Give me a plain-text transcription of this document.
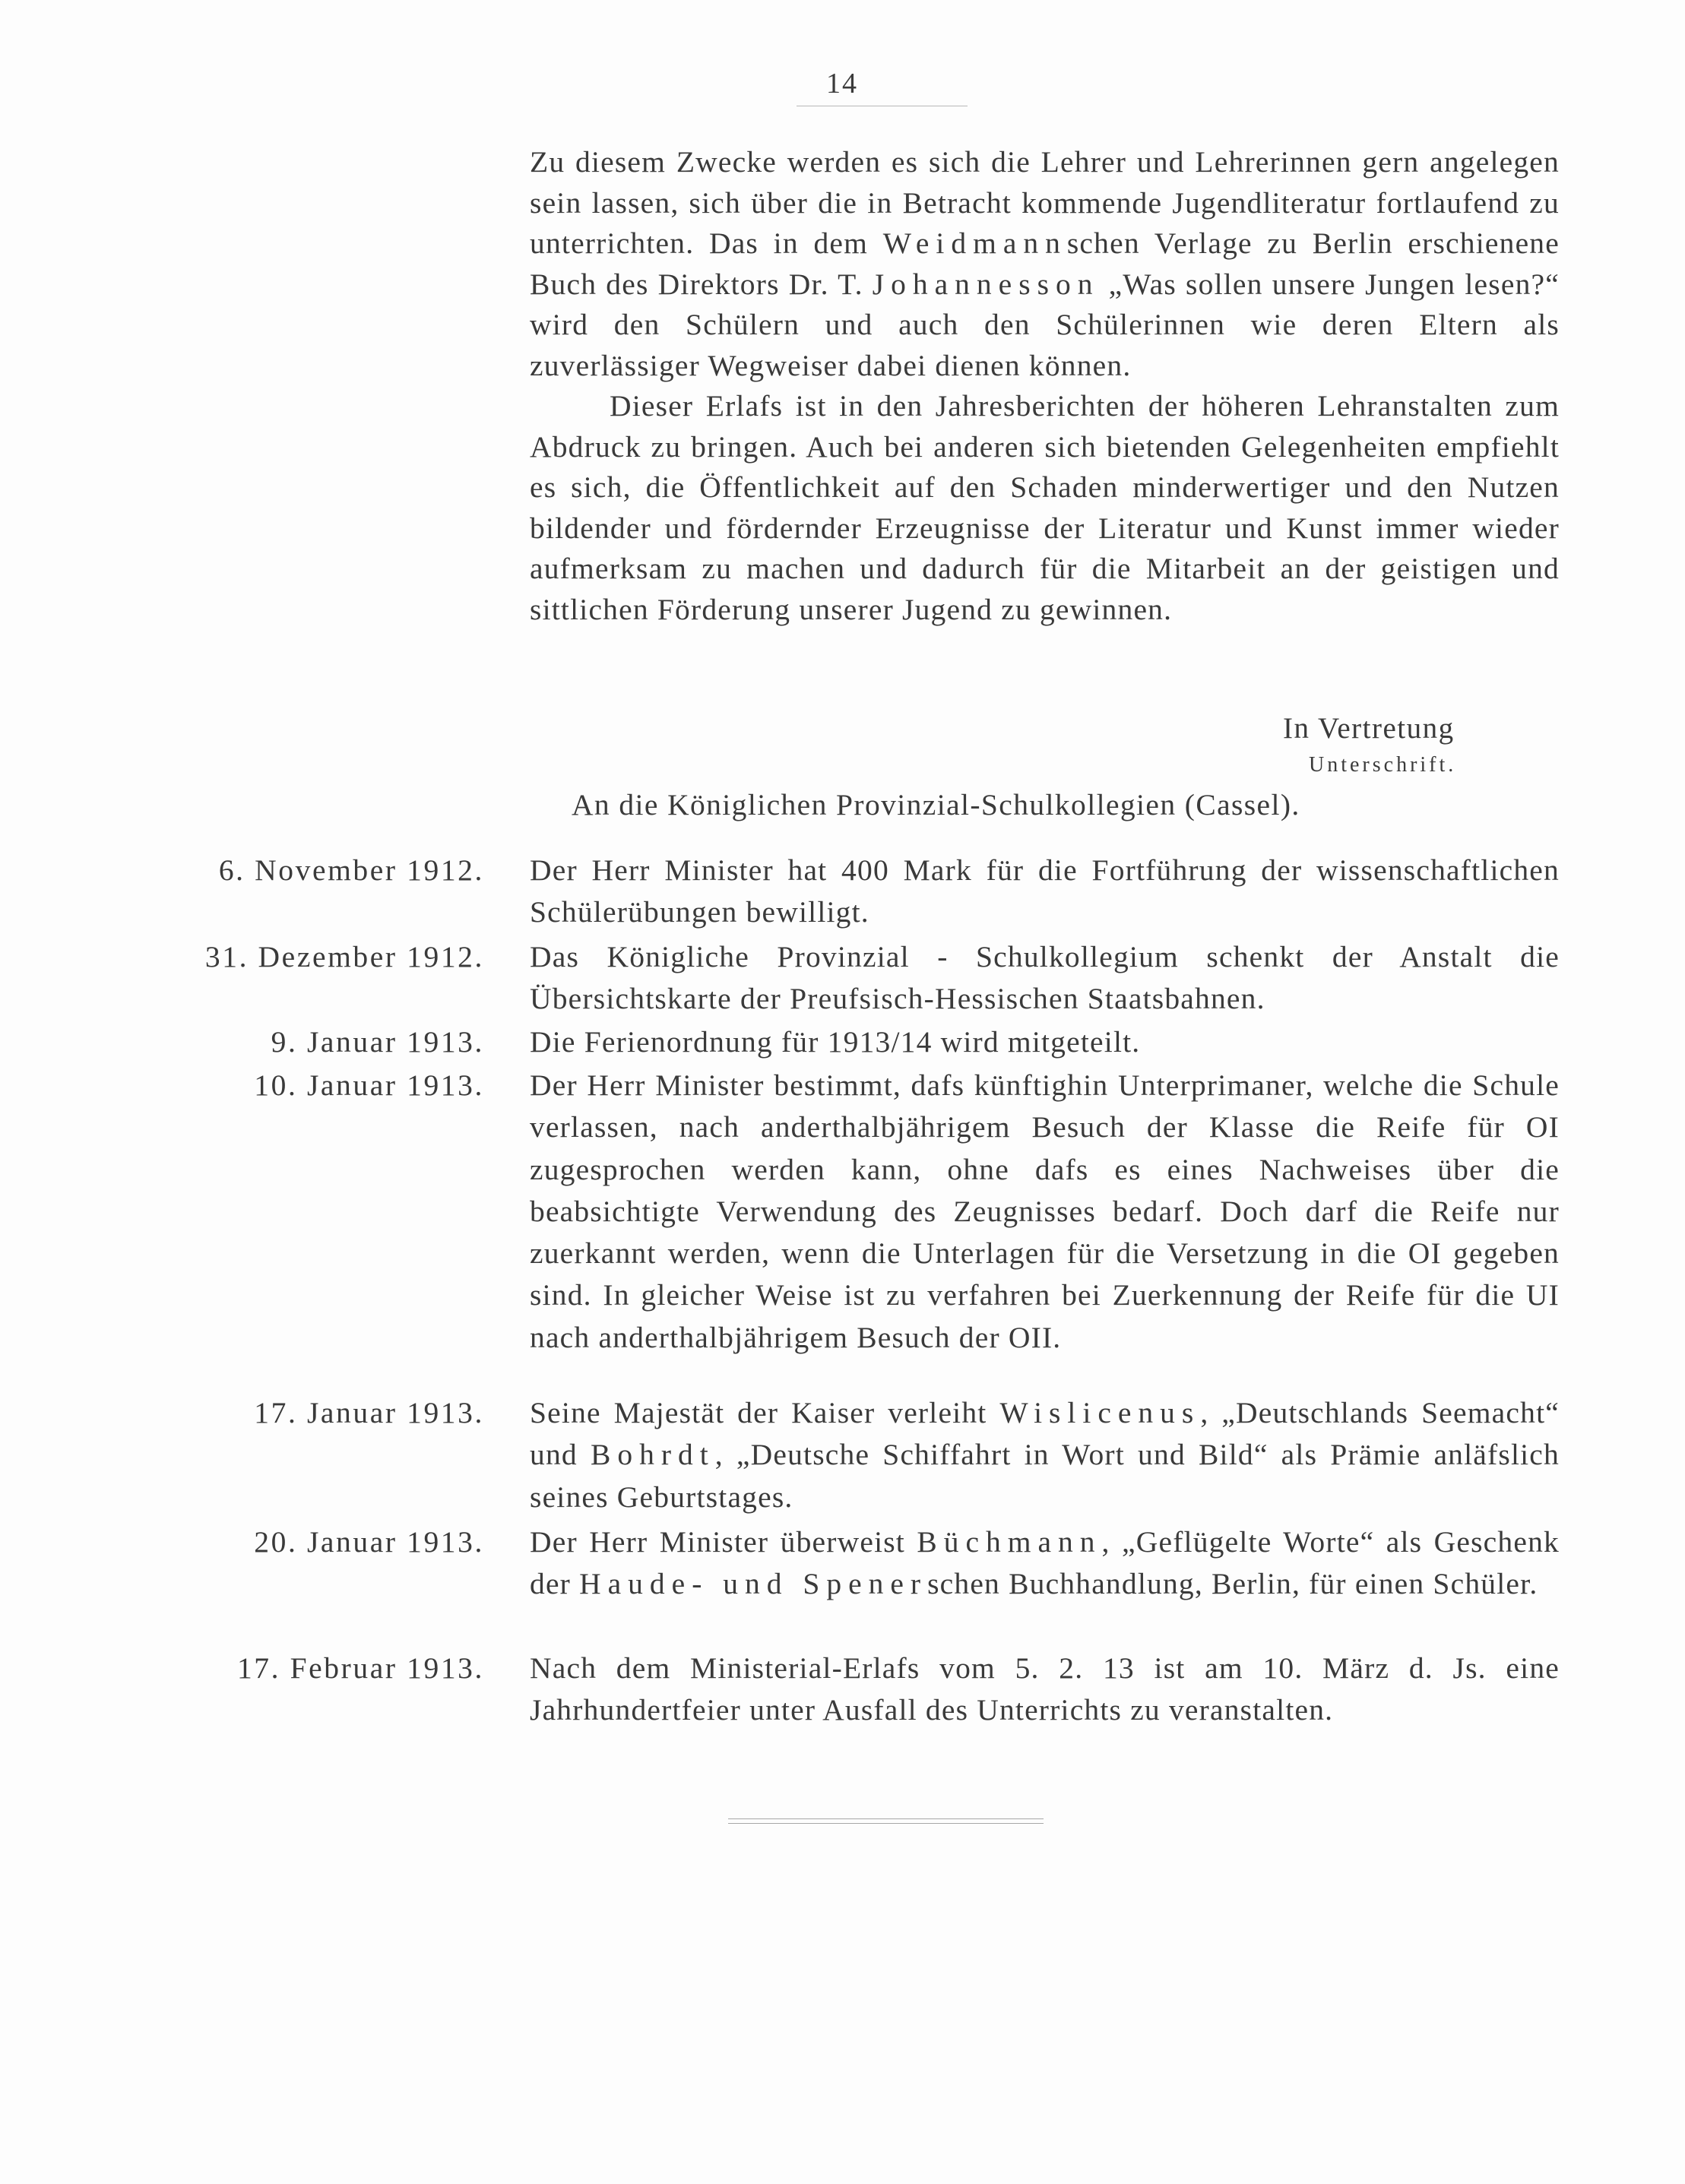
14

Zu diesem Zwecke werden es sich die Lehrer und Lehrerinnen gern angelegen sein lassen, sich über die in Betracht kommende Jugendliteratur fortlaufend zu unterrichten. Das in dem Weidmannschen Verlage zu Berlin erschienene Buch des Direktors Dr. T. Johannesson „Was sollen unsere Jungen lesen?“ wird den Schülern und auch den Schülerinnen wie deren Eltern als zuverlässiger Wegweiser dabei dienen können.

Dieser Erlafs ist in den Jahresberichten der höheren Lehranstalten zum Abdruck zu bringen. Auch bei anderen sich bietenden Gelegenheiten empfiehlt es sich, die Öffentlichkeit auf den Schaden minderwertiger und den Nutzen bildender und fördernder Erzeugnisse der Literatur und Kunst immer wieder aufmerksam zu machen und dadurch für die Mitarbeit an der geistigen und sittlichen Förderung unserer Jugend zu gewinnen.

In Vertretung
Unterschrift.
An die Königlichen Provinzial-Schulkollegien (Cassel).
6. November 1912. Der Herr Minister hat 400 Mark für die Fortführung der wissenschaftlichen Schülerübungen bewilligt.
31. Dezember 1912. Das Königliche Provinzial - Schulkollegium schenkt der Anstalt die Übersichtskarte der Preufsisch-Hessischen Staatsbahnen.
9. Januar 1913. Die Ferienordnung für 1913/14 wird mitgeteilt.
10. Januar 1913. Der Herr Minister bestimmt, dafs künftighin Unterprimaner, welche die Schule verlassen, nach anderthalbjährigem Besuch der Klasse die Reife für OI zugesprochen werden kann, ohne dafs es eines Nachweises über die beabsichtigte Verwendung des Zeugnisses bedarf. Doch darf die Reife nur zuerkannt werden, wenn die Unterlagen für die Versetzung in die OI gegeben sind. In gleicher Weise ist zu verfahren bei Zuerkennung der Reife für die UI nach anderthalbjährigem Besuch der OII.
17. Januar 1913. Seine Majestät der Kaiser verleiht Wislicenus, „Deutschlands Seemacht“ und Bohrdt, „Deutsche Schiffahrt in Wort und Bild“ als Prämie anläfslich seines Geburtstages.
20. Januar 1913. Der Herr Minister überweist Büchmann, „Geflügelte Worte“ als Geschenk der Haude- und Spenerschen Buchhandlung, Berlin, für einen Schüler.
17. Februar 1913. Nach dem Ministerial-Erlafs vom 5. 2. 13 ist am 10. März d. Js. eine Jahrhundertfeier unter Ausfall des Unterrichts zu veranstalten.
